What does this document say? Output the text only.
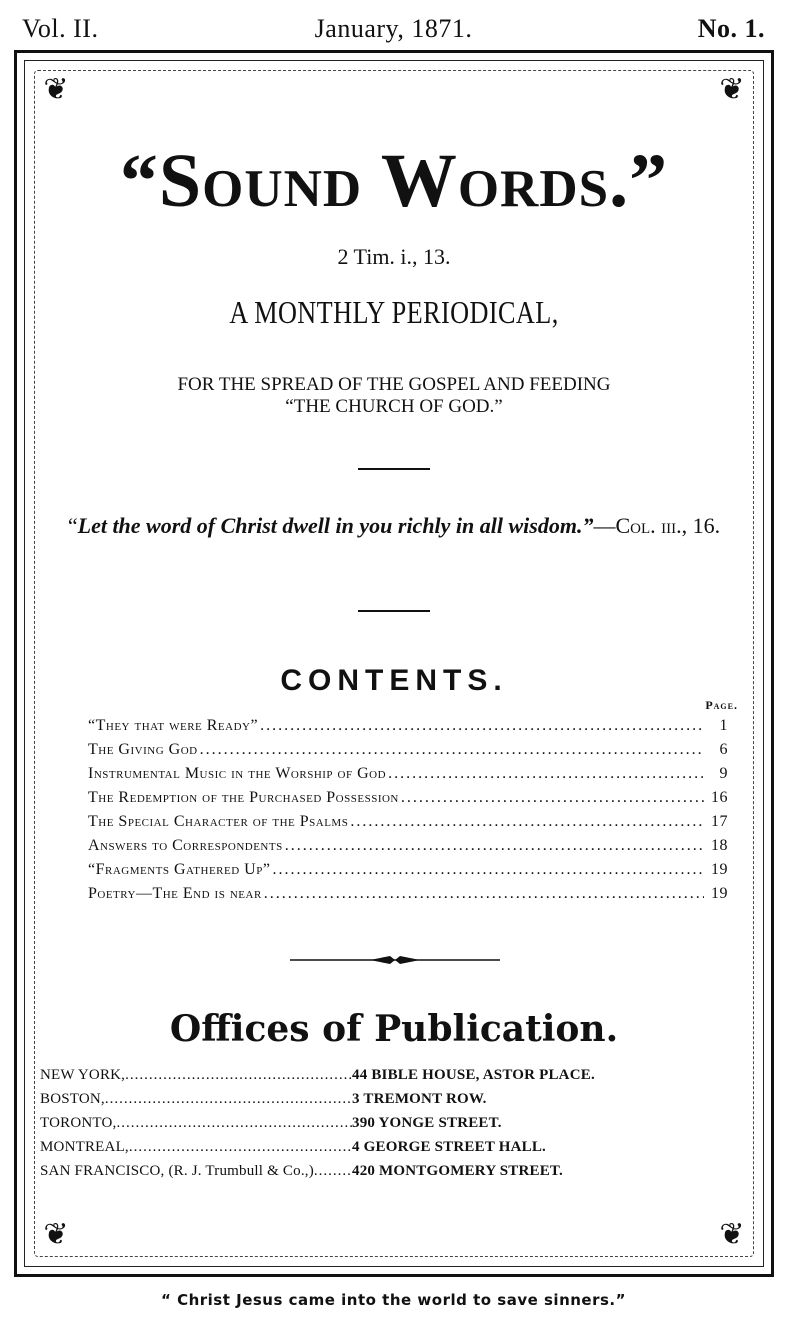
Vol. II.	January, 1871.	No. 1.
❦	❦
❦	❦
“Sound Words.”
2 Tim. i., 13.
A MONTHLY PERIODICAL,
FOR THE SPREAD OF THE GOSPEL AND FEEDING
“THE CHURCH OF GOD.”
“Let the word of Christ dwell in you richly in all wisdom.”—Col. iii., 16.
CONTENTS.
Page.
“They that were Ready” .....	1
The Giving God .....	6
Instrumental Music in the Worship of God .....	9
The Redemption of the Purchased Possession .....	16
The Special Character of the Psalms .....	17
Answers to Correspondents .....	18
“Fragments Gathered Up” .....	19
Poetry—The End is near .....	19
Offices of Publication.
NEW YORK, .....	44 BIBLE HOUSE, ASTOR PLACE.
BOSTON, .....	3 TREMONT ROW.
TORONTO, .....	390 YONGE STREET.
MONTREAL, .....	4 GEORGE STREET HALL.
SAN FRANCISCO, (R. J. Trumbull & Co.,) .....	420 MONTGOMERY STREET.
“ Christ Jesus came into the world to save sinners.”
